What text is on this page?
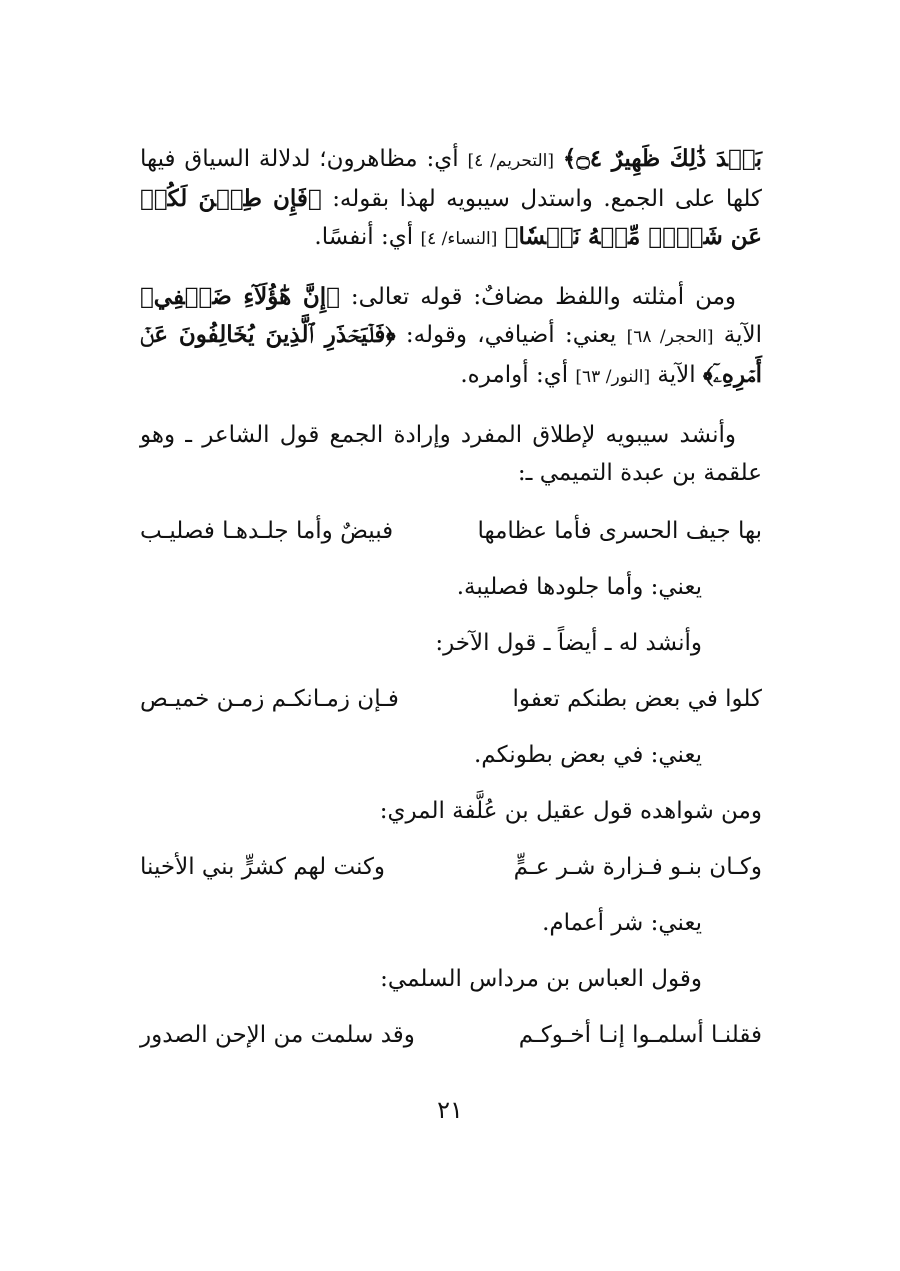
بَعۡدَ ذَٰلِكَ ظَهِيرٌ ۝٤﴾ [التحريم/ ٤] أي: مظاهرون؛ لدلالة السياق فيها كلها على الجمع. واستدل سيبويه لهذا بقوله: ﴿فَإِن طِبۡنَ لَكُمۡ عَن شَيۡءٖ مِّنۡهُ نَفۡسٗا﴾ [النساء/ ٤] أي: أنفسًا.

ومن أمثلته واللفظ مضافٌ: قوله تعالى: ﴿إِنَّ هَٰٓؤُلَآءِ ضَيۡفِي﴾ الآية [الحجر/ ٦٨] يعني: أضيافي، وقوله: ﴿فَلۡيَحۡذَرِ ٱلَّذِينَ يُخَالِفُونَ عَنۡ أَمۡرِهِۦٓ﴾ الآية [النور/ ٦٣] أي: أوامره.

وأنشد سيبويه لإطلاق المفرد وإرادة الجمع قول الشاعر ـ وهو علقمة بن عبدة التميمي ـ:

بها جيف الحسرى فأما عظامها
فبيضٌ وأما جلـدهـا فصليـب

يعني: وأما جلودها فصليبة.

وأنشد له ـ أيضاً ـ قول الآخر:

كلوا في بعض بطنكم تعفوا
فـإن زمـانكـم زمـن خميـص

يعني: في بعض بطونكم.

ومن شواهده قول عقيل بن عُلَّفة المري:

وكـان بنـو فـزارة شـر عـمٍّ
وكنت لهم كشرٍّ بني الأخينا

يعني: شر أعمام.

وقول العباس بن مرداس السلمي:

فقلنـا أسلمـوا إنـا أخـوكـم
وقد سلمت من الإحن الصدور
٢١
